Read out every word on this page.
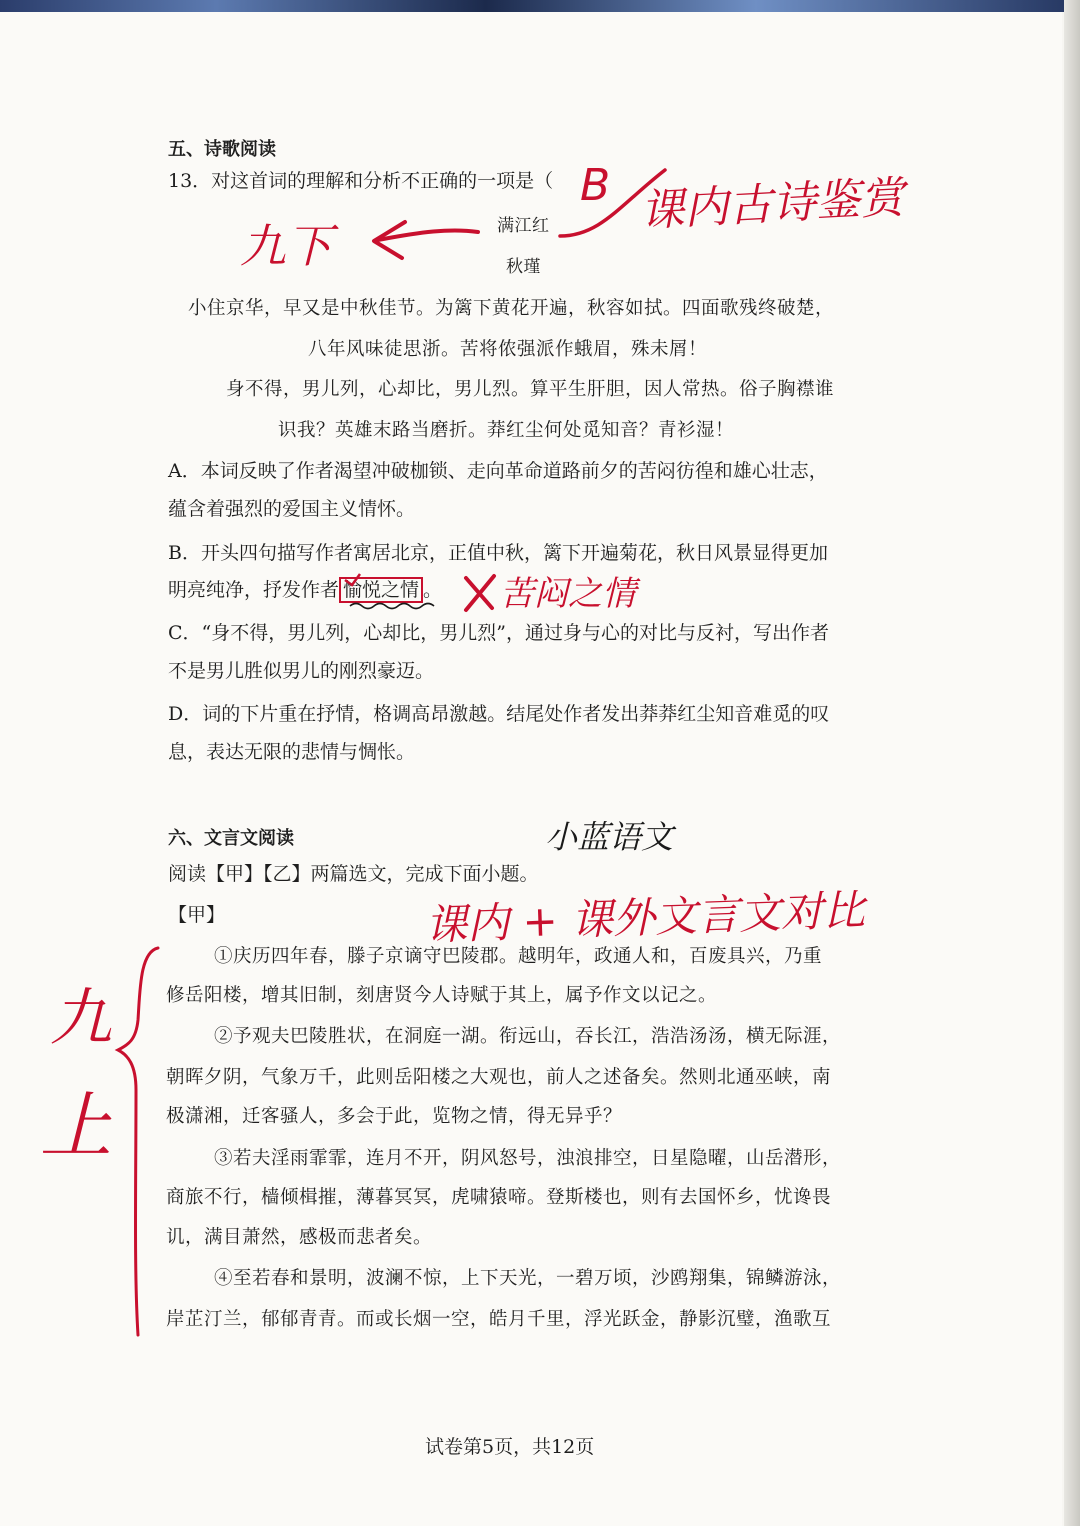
五、诗歌阅读
13．对这首词的理解和分析不正确的一项是（
满江红
秋瑾
小住京华，早又是中秋佳节。为篱下黄花开遍，秋容如拭。四面歌残终破楚，
八年风味徒思浙。苦将侬强派作蛾眉，殊未屑！
身不得，男儿列，心却比，男儿烈。算平生肝胆，因人常热。俗子胸襟谁
识我？英雄末路当磨折。莽红尘何处觅知音？青衫湿！
A．本词反映了作者渴望冲破枷锁、走向革命道路前夕的苦闷彷徨和雄心壮志，
蕴含着强烈的爱国主义情怀。
B．开头四句描写作者寓居北京，正值中秋，篱下开遍菊花，秋日风景显得更加
明亮纯净，抒发作者 愉悦之情 。
C．“身不得，男儿列，心却比，男儿烈”，通过身与心的对比与反衬，写出作者
不是男儿胜似男儿的刚烈豪迈。
D．词的下片重在抒情，格调高昂激越。结尾处作者发出莽莽红尘知音难觅的叹
息，表达无限的悲情与惆怅。
六、文言文阅读
阅读【甲】【乙】两篇选文，完成下面小题。
【甲】
①庆历四年春，滕子京谪守巴陵郡。越明年，政通人和，百废具兴，乃重
修岳阳楼，增其旧制，刻唐贤今人诗赋于其上，属予作文以记之。
②予观夫巴陵胜状，在洞庭一湖。衔远山，吞长江，浩浩汤汤，横无际涯，
朝晖夕阴，气象万千，此则岳阳楼之大观也，前人之述备矣。然则北通巫峡，南
极潇湘，迁客骚人，多会于此，览物之情，得无异乎？
③若夫淫雨霏霏，连月不开，阴风怒号，浊浪排空，日星隐曜，山岳潜形，
商旅不行，樯倾楫摧，薄暮冥冥，虎啸猿啼。登斯楼也，则有去国怀乡，忧谗畏
讥，满目萧然，感极而悲者矣。
④至若春和景明，波澜不惊，上下天光，一碧万顷，沙鸥翔集，锦鳞游泳，
岸芷汀兰，郁郁青青。而或长烟一空，皓月千里，浮光跃金，静影沉璧，渔歌互
试卷第5页，共12页
B 课内古诗鉴赏
九下
苦闷之情
小蓝语文
课内 + 课外文言文对比
九
上
